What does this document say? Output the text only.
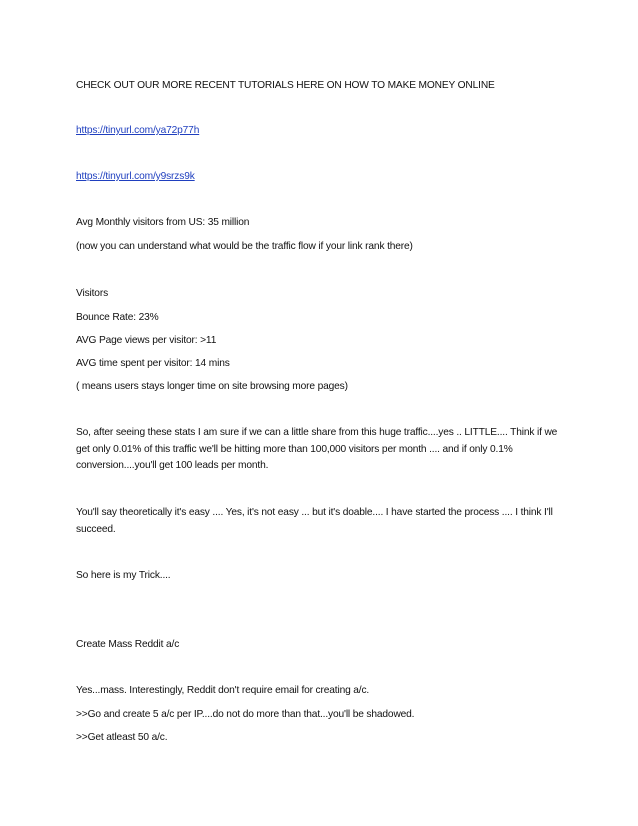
CHECK OUT OUR MORE RECENT TUTORIALS HERE ON HOW TO MAKE MONEY ONLINE
https://tinyurl.com/ya72p77h
https://tinyurl.com/y9srzs9k
Avg Monthly visitors from US: 35 million
(now you can understand what would be the traffic flow if your link rank there)
Visitors
Bounce Rate: 23%
AVG Page views per visitor: >11
AVG time spent per visitor: 14 mins
( means users stays longer time on site browsing more pages)
So, after seeing these stats I am sure if we can a little share from this huge traffic....yes .. LITTLE.... Think if we get only 0.01% of this traffic we'll be hitting more than 100,000 visitors per month .... and if only 0.1% conversion....you'll get 100 leads per month.
You'll say theoretically it's easy .... Yes, it's not easy ... but it's doable.... I have started the process .... I think I'll succeed.
So here is my Trick....
Create Mass Reddit a/c
Yes...mass. Interestingly, Reddit don't require email for creating a/c.
>>Go and create 5 a/c per IP....do not do more than that...you'll be shadowed.
>>Get atleast 50 a/c.
